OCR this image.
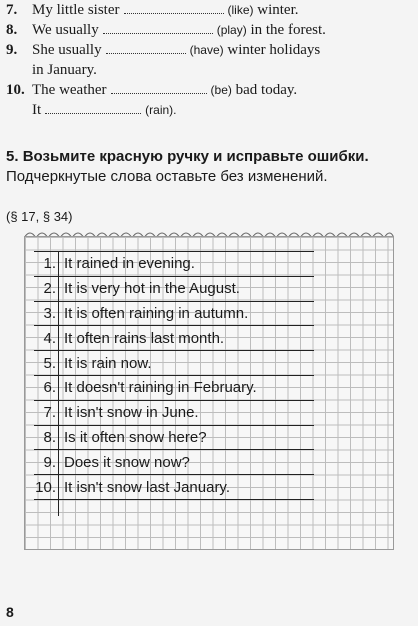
7. My little sister	(like)
winter.
8. We usually	(play)
in the forest.
9. She usually	(have)
winter holidays
in January.
10. The weather	(be)
bad today.
It	(rain).
5. Возьмите красную ручку и исправьте ошибки. Подчеркнутые слова оставьте без изменений.
(§ 17, § 34)
1. It rained in evening.
2. It is very hot in the August.
3. It is often raining in autumn.
4. It often rains last month.
5. It is rain now.
6. It doesn't raining in February.
7. It isn't snow in June.
8. Is it often snow here?
9. Does it snow now?
10. It isn't snow last January.
8
